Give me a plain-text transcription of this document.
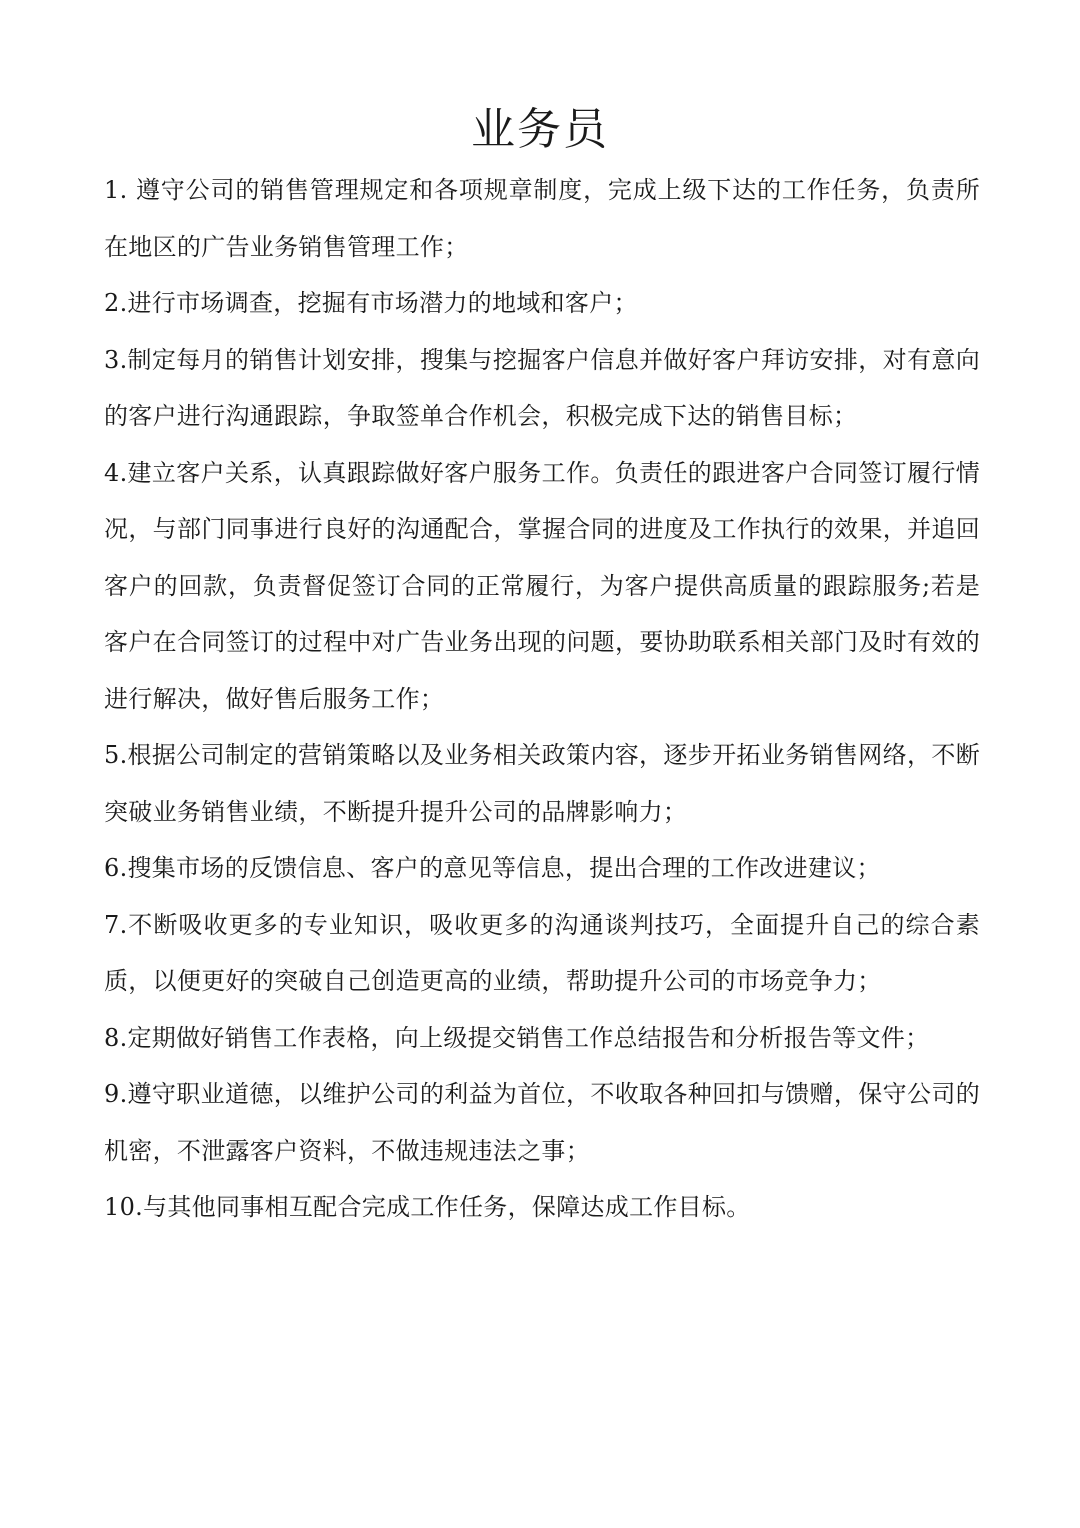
业务员
1. 遵守公司的销售管理规定和各项规章制度，完成上级下达的工作任务，负责所在地区的广告业务销售管理工作；
2.进行市场调查，挖掘有市场潜力的地域和客户；
3.制定每月的销售计划安排，搜集与挖掘客户信息并做好客户拜访安排，对有意向的客户进行沟通跟踪，争取签单合作机会，积极完成下达的销售目标；
4.建立客户关系，认真跟踪做好客户服务工作。负责任的跟进客户合同签订履行情况，与部门同事进行良好的沟通配合，掌握合同的进度及工作执行的效果，并追回客户的回款，负责督促签订合同的正常履行，为客户提供高质量的跟踪服务;若是客户在合同签订的过程中对广告业务出现的问题，要协助联系相关部门及时有效的进行解决，做好售后服务工作；
5.根据公司制定的营销策略以及业务相关政策内容，逐步开拓业务销售网络，不断突破业务销售业绩，不断提升提升公司的品牌影响力；
6.搜集市场的反馈信息、客户的意见等信息，提出合理的工作改进建议；
7.不断吸收更多的专业知识，吸收更多的沟通谈判技巧，全面提升自己的综合素质，以便更好的突破自己创造更高的业绩，帮助提升公司的市场竞争力；
8.定期做好销售工作表格，向上级提交销售工作总结报告和分析报告等文件；
9.遵守职业道德，以维护公司的利益为首位，不收取各种回扣与馈赠，保守公司的机密，不泄露客户资料，不做违规违法之事；
10.与其他同事相互配合完成工作任务，保障达成工作目标。
